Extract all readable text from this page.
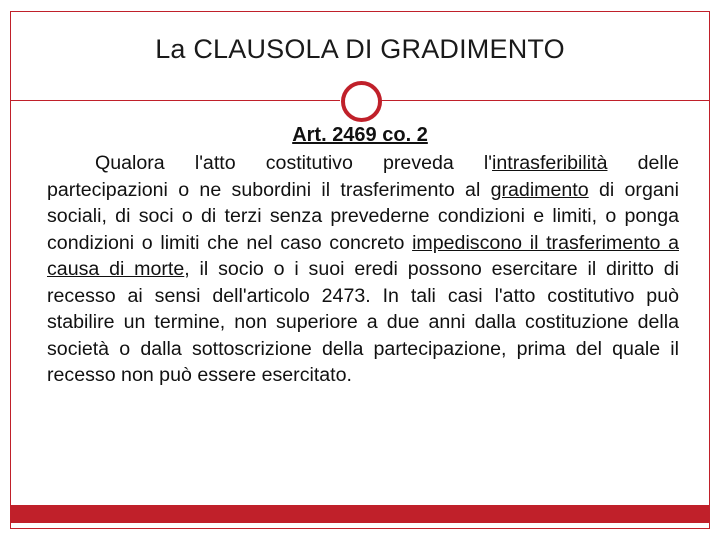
La CLAUSOLA DI GRADIMENTO
Art. 2469 co. 2
Qualora l'atto costitutivo preveda l'intrasferibilità delle partecipazioni o ne subordini il trasferimento al gradimento di organi sociali, di soci o di terzi senza prevederne condizioni e limiti, o ponga condizioni o limiti che nel caso concreto impediscono il trasferimento a causa di morte, il socio o i suoi eredi possono esercitare il diritto di recesso ai sensi dell'articolo 2473. In tali casi l'atto costitutivo può stabilire un termine, non superiore a due anni dalla costituzione della società o dalla sottoscrizione della partecipazione, prima del quale il recesso non può essere esercitato.
